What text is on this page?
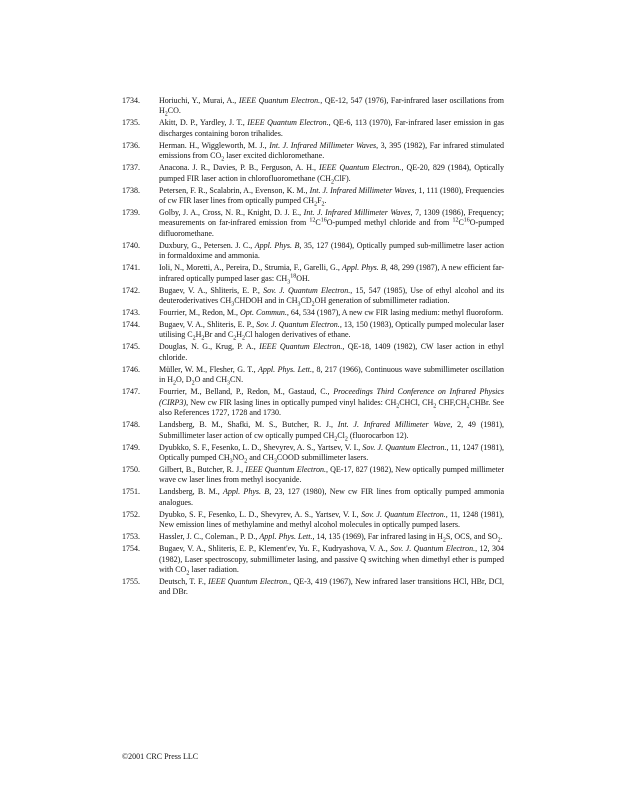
1734.	Horiuchi, Y., Murai, A., IEEE Quantum Electron., QE-12, 547 (1976), Far-infrared laser oscillations from $H_2CO$.
1735.	Akitt, D. P., Yardley, J. T., IEEE Quantum Electron., QE-6, 113 (1970), Far-infrared laser emission in gas discharges containing boron trihalides.
1736.	Herman. H., Wiggleworth, M. J., Int. J. Infrared Millimeter Waves, 3, 395 (1982), Far infrared stimulated emissions from $CO_2$ laser excited dichloromethane.
1737.	Anacona. J. R., Davies, P. B., Ferguson, A. H., IEEE Quantum Electron., QE-20, 829 (1984), Optically pumped FIR laser action in chlorofluoromethane $(CH_2ClF)$.
1738.	Petersen, F. R., Scalabrin, A., Evenson, K. M., Int. J. Infrared Millimeter Waves, 1, 111 (1980), Frequencies of cw FIR laser lines from optically pumped $CH_2F_2$.
1739.	Golby, J. A., Cross, N. R., Knight, D. J. E., Int. J. Infrared Millimeter Waves, 7, 1309 (1986), Frequency; measurements on far-infrared emission from $^{12}C^{16}O$-pumped methyl chloride and from $^{12}C^{16}O$-pumped difluoromethane.
1740.	Duxbury, G., Petersen. J. C., Appl. Phys. B, 35, 127 (1984), Optically pumped sub-millimetre laser action in formaldoxime and ammonia.
1741.	Ioli, N., Moretti, A., Pereira, D., Strumia, F., Garelli, G., Appl. Phys. B, 48, 299 (1987), A new efficient far-infrared optically pumped laser gas: $CH_3^{18}OH$.
1742.	Bugaev, V. A., Shliteris, E. P., Sov. J. Quantum Electron., 15, 547 (1985), Use of ethyl alcohol and its deuteroderivatives $CH_3CHDOH$ and in $CH_3CD_2OH$ generation of submillimeter radiation.
1743.	Fourrier, M., Redon, M., Opt. Commun., 64, 534 (1987), A new cw FIR lasing medium: methyl fluoroform.
1744.	Bugaev, V. A., Shliteris, E. P., Sov. J. Quantum Electron., 13, 150 (1983), Optically pumped molecular laser utilising $C_2H_2Br$ and $C_2H_2Cl$ halogen derivatives of ethane.
1745.	Douglas, N. G., Krug, P. A., IEEE Quantum Electron., QE-18, 1409 (1982), CW laser action in ethyl chloride.
1746.	Müller, W. M., Flesher, G. T., Appl. Phys. Lett., 8, 217 (1966), Continuous wave submillimeter oscillation in $H_2O$, $D_2O$ and $CH_3CN$.
1747.	Fourrier, M., Belland, P., Redon, M., Gastaud, C., Proceedings Third Conference on Infrared Physics (CIRP3), New cw FIR lasing lines in optically pumped vinyl halides: $CH_2CHCl$, $CH_2$ $CHF,CH_2CHBr$. See also References 1727, 1728 and 1730.
1748.	Landsberg, B. M., Shafki, M. S., Butcher, R. J., Int. J. Infrared Millimeter Wave, 2, 49 (1981), Submillimeter laser action of cw optically pumped $CH_2Cl_2$ (fluorocarbon 12).
1749.	Dyubkko, S. F., Fesenko, L. D., Shevyrev, A. S., Yartsev, V. I., Sov. J. Quantum Electron., 11, 1247 (1981), Optically pumped $CH_3NO_2$ and $CH_3COOD$ submillimeter lasers.
1750.	Gilbert, B., Butcher, R. J., IEEE Quantum Electron., QE-17, 827 (1982), New optically pumped millimeter wave cw laser lines from methyl isocyanide.
1751.	Landsberg, B. M., Appl. Phys. B, 23, 127 (1980), New cw FIR lines from optically pumped ammonia analogues.
1752.	Dyubko, S. F., Fesenko, L. D., Shevyrev, A. S., Yartsev, V. I., Sov. J. Quantum Electron., 11, 1248 (1981), New emission lines of methylamine and methyl alcohol molecules in optically pumped lasers.
1753.	Hassler, J. C., Coleman., P. D., Appl. Phys. Lett., 14, 135 (1969), Far infrared lasing in $H_2S$, OCS, and $SO_2$.
1754.	Bugaev, V. A., Shliteris, E. P., Klement'ev, Yu. F., Kudryashova, V. A., Sov. J. Quantum Electron., 12, 304 (1982), Laser spectroscopy, submillimeter lasing, and passive Q switching when dimethyl ether is pumped with $CO_2$ laser radiation.
1755.	Deutsch, T. F., IEEE Quantum Electron., QE-3, 419 (1967), New infrared laser transitions HCl, HBr, DCl, and DBr.
©2001 CRC Press LLC
